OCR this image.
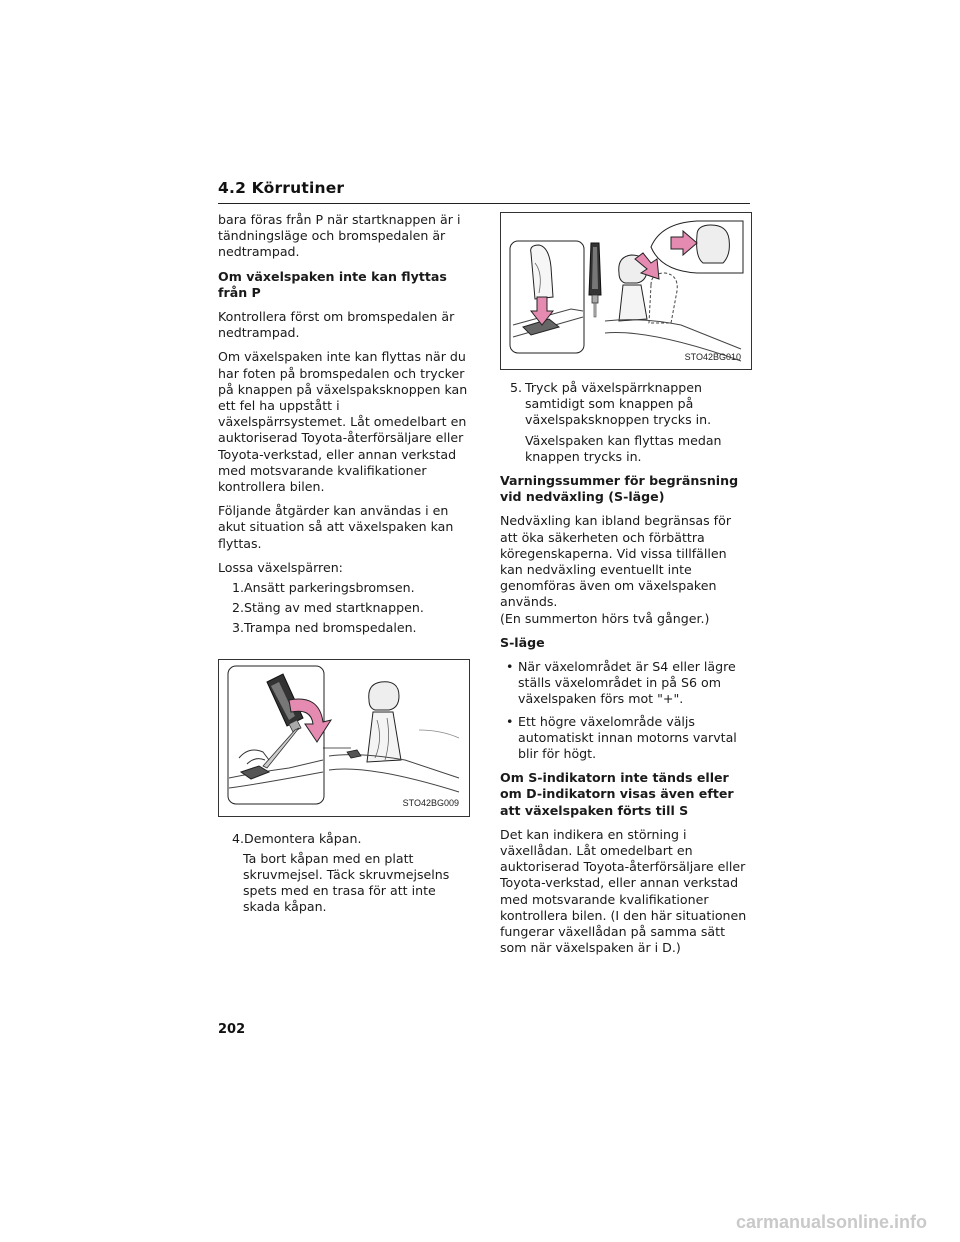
4.2 Körrutiner

bara föras från P när startknappen är i tändningsläge och bromspedalen är nedtrampad.

Om växelspaken inte kan flyttas från P

Kontrollera först om bromspedalen är nedtrampad.

Om växelspaken inte kan flyttas när du har foten på bromspedalen och trycker på knappen på växelspaksknoppen kan ett fel ha uppstått i växelspärrsystemet. Låt omedelbart en auktoriserad Toyota-återförsäljare eller Toyota-verkstad, eller annan verkstad med motsvarande kvalifikationer kontrollera bilen.

Följande åtgärder kan användas i en akut situation så att växelspaken kan flyttas.

Lossa växelspärren:

1. Ansätt parkeringsbromsen.
2. Stäng av med startknappen.
3. Trampa ned bromspedalen.
STO42BG009
4. Demontera kåpan.

Ta bort kåpan med en platt skruvmejsel. Täck skruvmejselns spets med en trasa för att inte skada kåpan.

STO42BG010
5. Tryck på växelspärrknappen samtidigt som knappen på växelspaksknoppen trycks in.

Växelspaken kan flyttas medan knappen trycks in.

Varningssummer för begränsning vid nedväxling (S-läge)

Nedväxling kan ibland begränsas för att öka säkerheten och förbättra köregenskaperna. Vid vissa tillfällen kan nedväxling eventuellt inte genomföras även om växelspaken används.

(En summerton hörs två gånger.)

S-läge

• När växelområdet är S4 eller lägre ställs växelområdet in på S6 om växelspaken förs mot "+".
• Ett högre växelområde väljs automatiskt innan motorns varvtal blir för högt.

Om S-indikatorn inte tänds eller om D-indikatorn visas även efter att växelspaken förts till S

Det kan indikera en störning i växellådan. Låt omedelbart en auktoriserad Toyota-återförsäljare eller Toyota-verkstad, eller annan verkstad med motsvarande kvalifikationer kontrollera bilen. (I den här situationen fungerar växellådan på samma sätt som när växelspaken är i D.)

202
carmanualsonline.info
